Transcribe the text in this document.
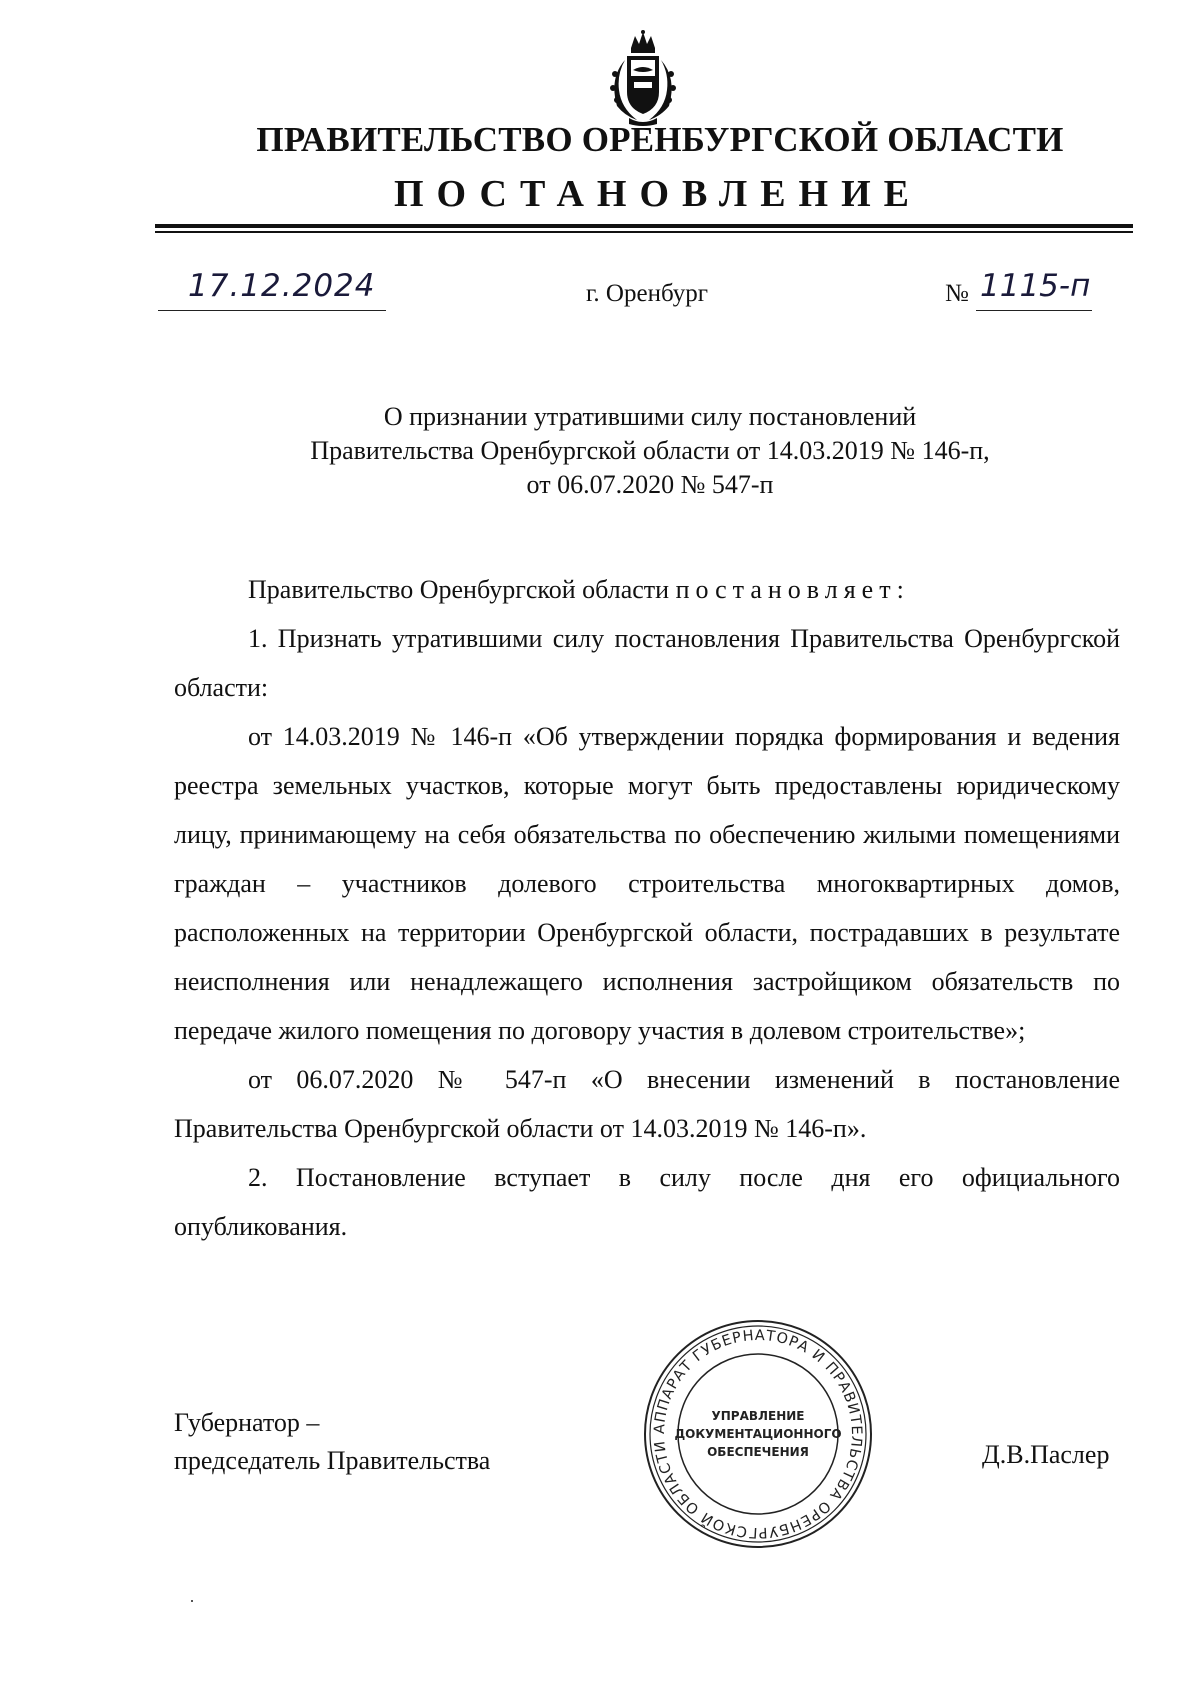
ПРАВИТЕЛЬСТВО ОРЕНБУРГСКОЙ ОБЛАСТИ
ПОСТАНОВЛЕНИЕ
17.12.2024	г. Оренбург	№ 1115-п
О признании утратившими силу постановлений
Правительства Оренбургской области от 14.03.2019 № 146-п,
от 06.07.2020 № 547-п

Правительство Оренбургской области постановляет:

1. Признать утратившими силу постановления Правительства Оренбургской области:

от 14.03.2019 № 146-п «Об утверждении порядка формирования и ведения реестра земельных участков, которые могут быть предоставлены юридическому лицу, принимающему на себя обязательства по обеспечению жилыми помещениями граждан – участников долевого строительства многоквартирных домов, расположенных на территории Оренбургской области, пострадавших в результате неисполнения или ненадлежащего исполнения застройщиком обязательств по передаче жилого помещения по договору участия в долевом строительстве»;

от 06.07.2020 № 547-п «О внесении изменений в постановление Правительства Оренбургской области от 14.03.2019 № 146-п».

2. Постановление вступает в силу после дня его официального опубликования.

Губернатор –
председатель Правительства	Д.В.Паслер
АППАРАТ ГУБЕРНАТОРА И ПРАВИТЕЛЬСТВА ОРЕНБУРГСКОЙ ОБЛАСТИ
УПРАВЛЕНИЕ
ДОКУМЕНТАЦИОННОГО
ОБЕСПЕЧЕНИЯ
